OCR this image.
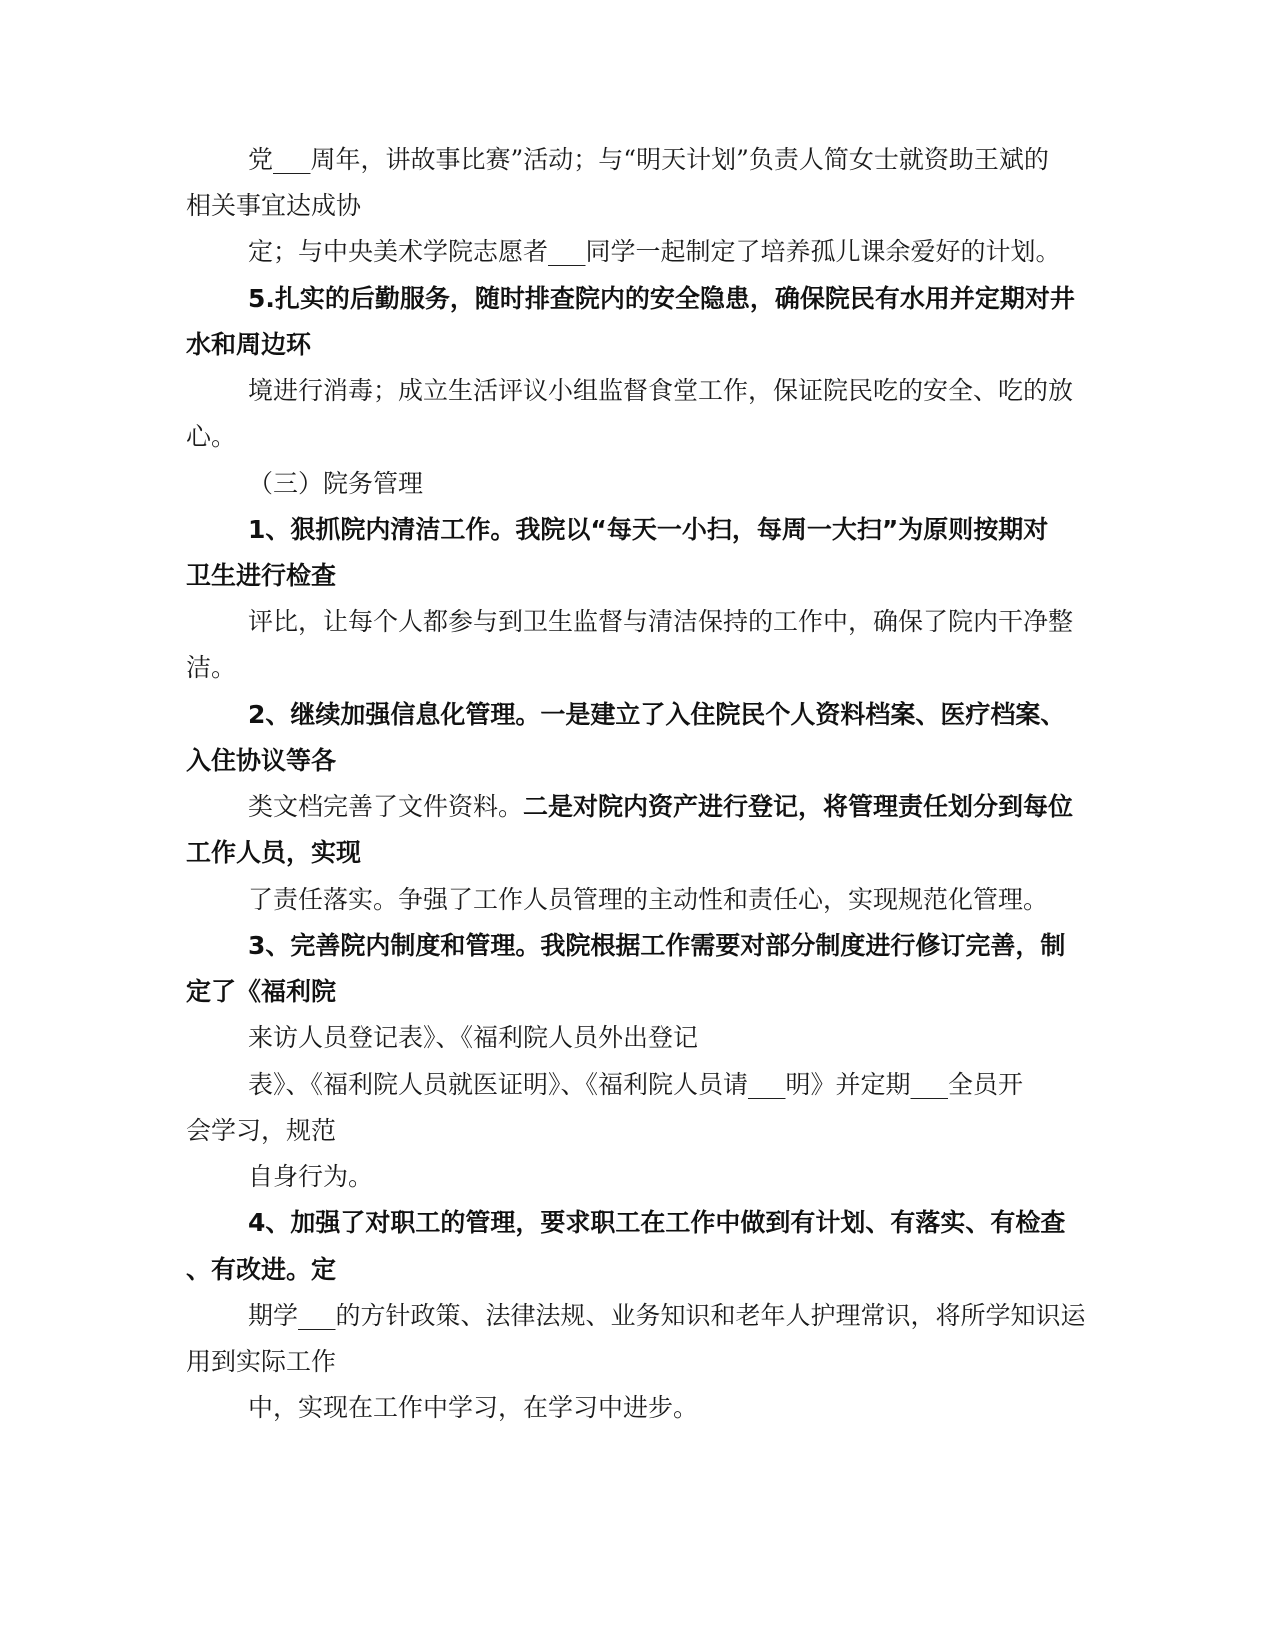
党___周年，讲故事比赛”活动；与“明天计划”负责人简女士就资助王斌的
相关事宜达成协
定；与中央美术学院志愿者___同学一起制定了培养孤儿课余爱好的计划。
5.扎实的后勤服务，随时排查院内的安全隐患，确保院民有水用并定期对井
水和周边环
境进行消毒；成立生活评议小组监督食堂工作，保证院民吃的安全、吃的放
心。
（三）院务管理
1、狠抓院内清洁工作。我院以“每天一小扫，每周一大扫”为原则按期对
卫生进行检查
评比，让每个人都参与到卫生监督与清洁保持的工作中，确保了院内干净整
洁。
2、继续加强信息化管理。一是建立了入住院民个人资料档案、医疗档案、
入住协议等各
类文档完善了文件资料。二是对院内资产进行登记，将管理责任划分到每位
工作人员，实现
了责任落实。争强了工作人员管理的主动性和责任心，实现规范化管理。
3、完善院内制度和管理。我院根据工作需要对部分制度进行修订完善，制
定了《福利院
来访人员登记表》、《福利院人员外出登记
表》、《福利院人员就医证明》、《福利院人员请___明》并定期___全员开
会学习，规范
自身行为。
4、加强了对职工的管理，要求职工在工作中做到有计划、有落实、有检查
、有改进。定
期学___的方针政策、法律法规、业务知识和老年人护理常识，将所学知识运
用到实际工作
中，实现在工作中学习，在学习中进步。
